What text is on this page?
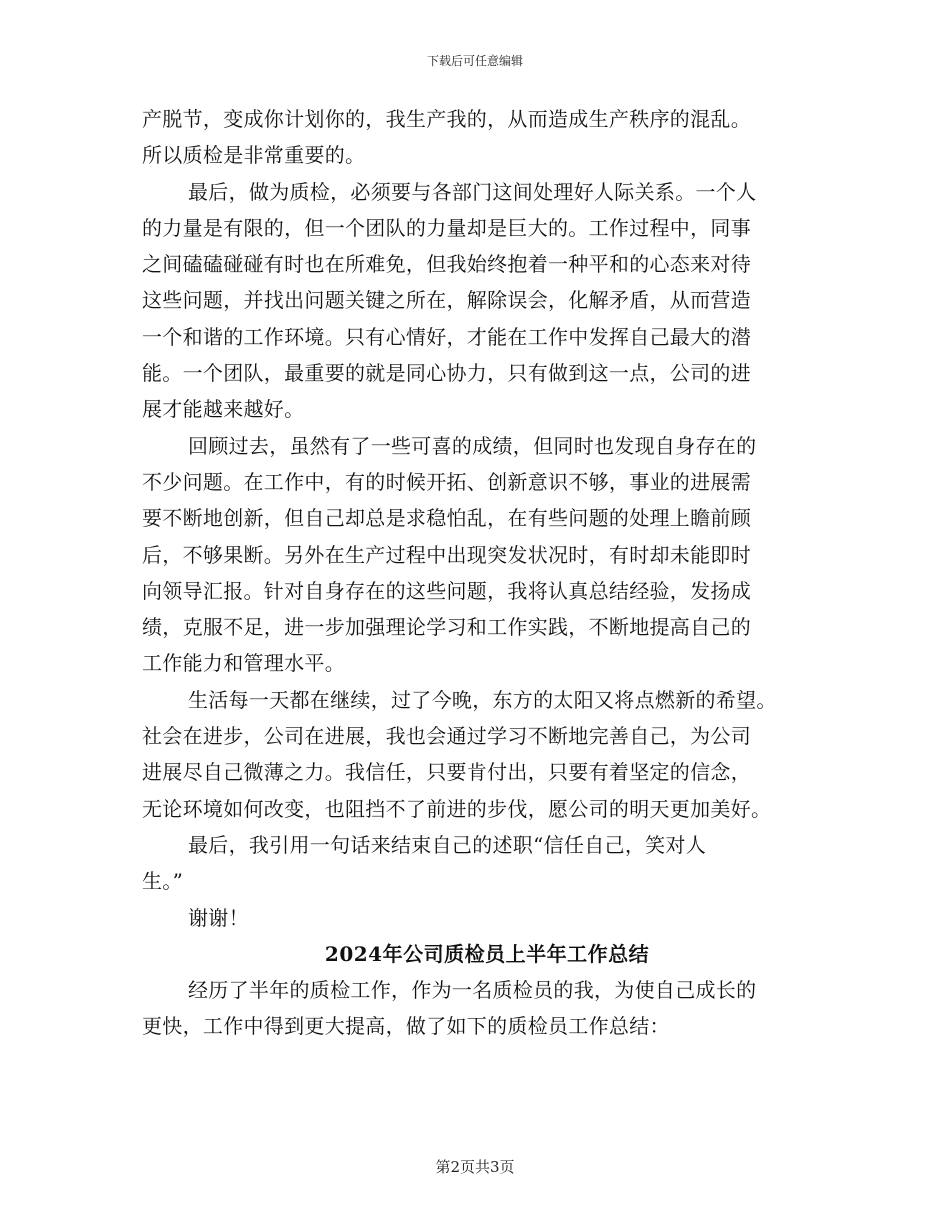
下载后可任意编辑
产脱节，变成你计划你的，我生产我的，从而造成生产秩序的混乱。
所以质检是非常重要的。
最后，做为质检，必须要与各部门这间处理好人际关系。一个人
的力量是有限的，但一个团队的力量却是巨大的。工作过程中，同事
之间磕磕碰碰有时也在所难免，但我始终抱着一种平和的心态来对待
这些问题，并找出问题关键之所在，解除误会，化解矛盾，从而营造
一个和谐的工作环境。只有心情好，才能在工作中发挥自己最大的潜
能。一个团队，最重要的就是同心协力，只有做到这一点，公司的进
展才能越来越好。
回顾过去，虽然有了一些可喜的成绩，但同时也发现自身存在的
不少问题。在工作中，有的时候开拓、创新意识不够，事业的进展需
要不断地创新，但自己却总是求稳怕乱，在有些问题的处理上瞻前顾
后，不够果断。另外在生产过程中出现突发状况时，有时却未能即时
向领导汇报。针对自身存在的这些问题，我将认真总结经验，发扬成
绩，克服不足，进一步加强理论学习和工作实践，不断地提高自己的
工作能力和管理水平。
生活每一天都在继续，过了今晚，东方的太阳又将点燃新的希望。
社会在进步，公司在进展，我也会通过学习不断地完善自己，为公司
进展尽自己微薄之力。我信任，只要肯付出，只要有着坚定的信念，
无论环境如何改变，也阻挡不了前进的步伐，愿公司的明天更加美好。
最后，我引用一句话来结束自己的述职“信任自己，笑对人
生。”
谢谢！
2024年公司质检员上半年工作总结
经历了半年的质检工作，作为一名质检员的我，为使自己成长的
更快，工作中得到更大提高，做了如下的质检员工作总结：
第2页共3页
